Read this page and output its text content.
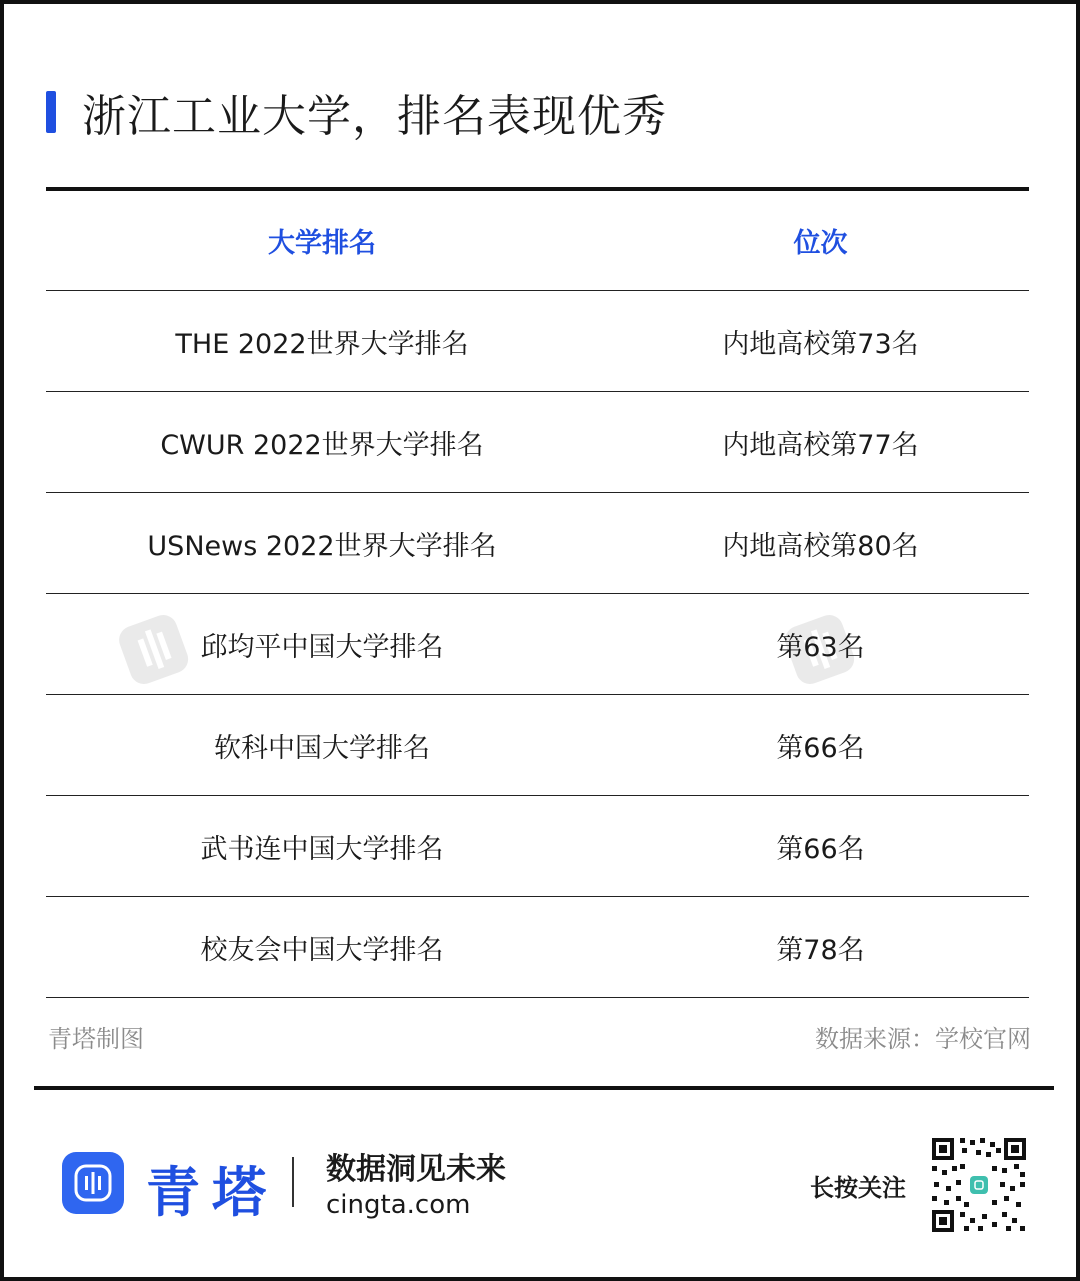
浙江工业大学，排名表现优秀
大学排名	位次
THE 2022世界大学排名	内地高校第73名
CWUR 2022世界大学排名	内地高校第77名
USNews 2022世界大学排名	内地高校第80名
邱均平中国大学排名	第63名
软科中国大学排名	第66名
武书连中国大学排名	第66名
校友会中国大学排名	第78名
青塔制图	数据来源：学校官网
青塔 数据洞见未来
cingta.com
长按关注
